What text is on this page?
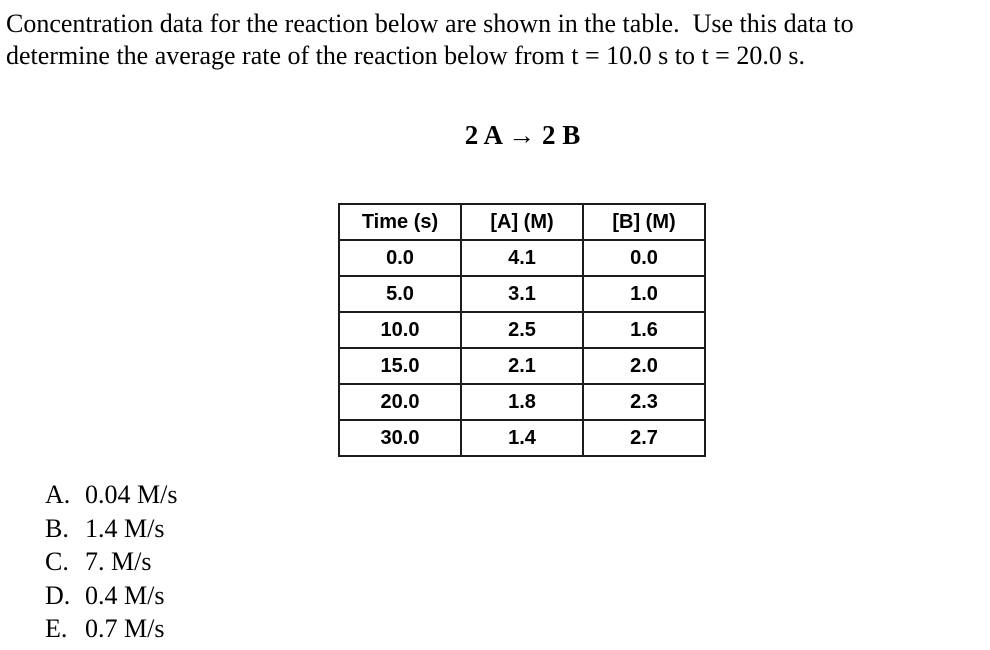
Concentration data for the reaction below are shown in the table.  Use this data to
determine the average rate of the reaction below from t = 10.0 s to t = 20.0 s.
2 A → 2 B
Time (s)	[A] (M)	[B] (M)
0.0	4.1	0.0
5.0	3.1	1.0
10.0	2.5	1.6
15.0	2.1	2.0
20.0	1.8	2.3
30.0	1.4	2.7
A. 0.04 M/s
B. 1.4 M/s
C. 7. M/s
D. 0.4 M/s
E. 0.7 M/s
